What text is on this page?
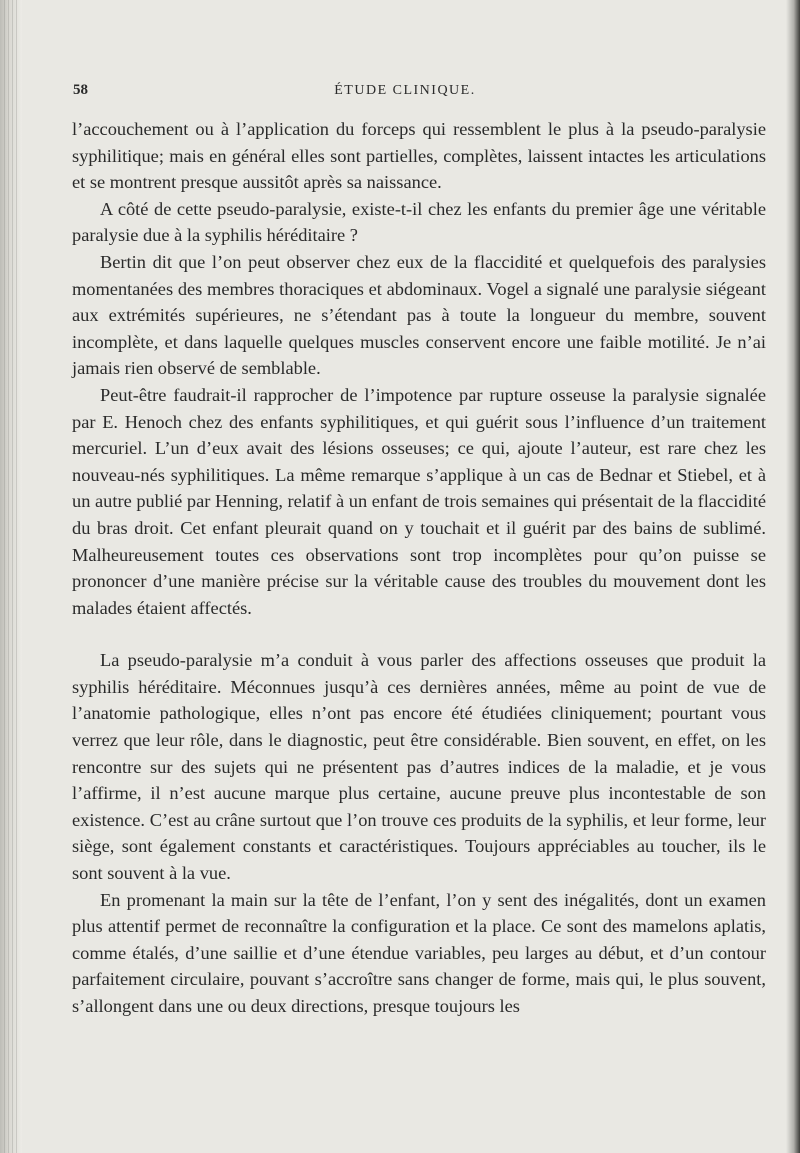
58	ÉTUDE CLINIQUE.

l’accouchement ou à l’application du forceps qui ressemblent le plus à la pseudo-paralysie syphilitique; mais en général elles sont partielles, complètes, laissent intactes les articulations et se montrent presque aussitôt après sa naissance.

A côté de cette pseudo-paralysie, existe-t-il chez les enfants du premier âge une véritable paralysie due à la syphilis héréditaire ?

Bertin dit que l’on peut observer chez eux de la flaccidité et quelquefois des paralysies momentanées des membres thoraciques et abdominaux. Vogel a signalé une paralysie siégeant aux extrémités supérieures, ne s’étendant pas à toute la longueur du membre, souvent incomplète, et dans laquelle quelques muscles conservent encore une faible motilité. Je n’ai jamais rien observé de semblable.

Peut-être faudrait-il rapprocher de l’impotence par rupture osseuse la paralysie signalée par E. Henoch chez des enfants syphilitiques, et qui guérit sous l’influence d’un traitement mercuriel. L’un d’eux avait des lésions osseuses; ce qui, ajoute l’auteur, est rare chez les nouveau-nés syphilitiques. La même remarque s’applique à un cas de Bednar et Stiebel, et à un autre publié par Henning, relatif à un enfant de trois semaines qui présentait de la flaccidité du bras droit. Cet enfant pleurait quand on y touchait et il guérit par des bains de sublimé. Malheureusement toutes ces observations sont trop incomplètes pour qu’on puisse se prononcer d’une manière précise sur la véritable cause des troubles du mouvement dont les malades étaient affectés.

La pseudo-paralysie m’a conduit à vous parler des affections osseuses que produit la syphilis héréditaire. Méconnues jusqu’à ces dernières années, même au point de vue de l’anatomie pathologique, elles n’ont pas encore été étudiées cliniquement; pourtant vous verrez que leur rôle, dans le diagnostic, peut être considérable. Bien souvent, en effet, on les rencontre sur des sujets qui ne présentent pas d’autres indices de la maladie, et je vous l’affirme, il n’est aucune marque plus certaine, aucune preuve plus incontestable de son existence. C’est au crâne surtout que l’on trouve ces produits de la syphilis, et leur forme, leur siège, sont également constants et caractéristiques. Toujours appréciables au toucher, ils le sont souvent à la vue.

En promenant la main sur la tête de l’enfant, l’on y sent des inégalités, dont un examen plus attentif permet de reconnaître la configuration et la place. Ce sont des mamelons aplatis, comme étalés, d’une saillie et d’une étendue variables, peu larges au début, et d’un contour parfaitement circulaire, pouvant s’accroître sans changer de forme, mais qui, le plus souvent, s’allongent dans une ou deux directions, presque toujours les
